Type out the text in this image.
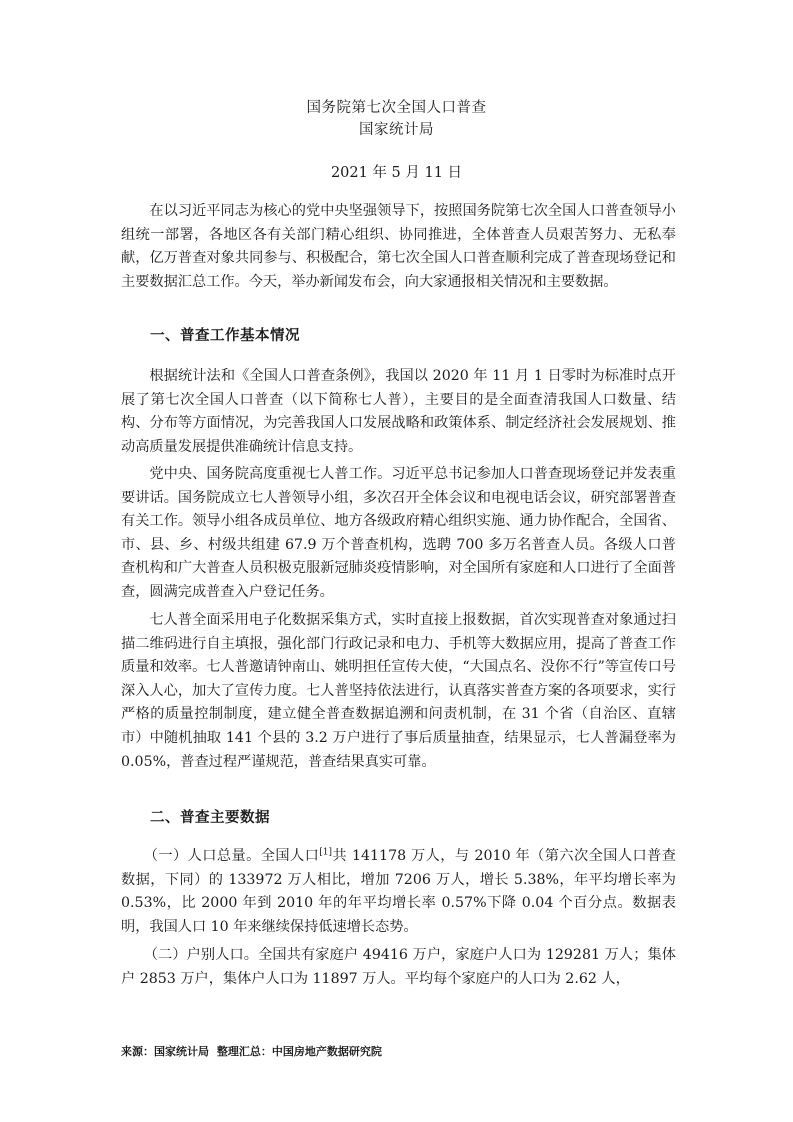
国务院第七次全国人口普查
国家统计局
2021 年 5 月 11 日

在以习近平同志为核心的党中央坚强领导下，按照国务院第七次全国人口普查领导小组统一部署，各地区各有关部门精心组织、协同推进，全体普查人员艰苦努力、无私奉献，亿万普查对象共同参与、积极配合，第七次全国人口普查顺利完成了普查现场登记和主要数据汇总工作。今天，举办新闻发布会，向大家通报相关情况和主要数据。

一、普查工作基本情况

根据统计法和《全国人口普查条例》，我国以 2020 年 11 月 1 日零时为标准时点开展了第七次全国人口普查（以下简称七人普），主要目的是全面查清我国人口数量、结构、分布等方面情况，为完善我国人口发展战略和政策体系、制定经济社会发展规划、推动高质量发展提供准确统计信息支持。

党中央、国务院高度重视七人普工作。习近平总书记参加人口普查现场登记并发表重要讲话。国务院成立七人普领导小组，多次召开全体会议和电视电话会议，研究部署普查有关工作。领导小组各成员单位、地方各级政府精心组织实施、通力协作配合，全国省、市、县、乡、村级共组建 67.9 万个普查机构，选聘 700 多万名普查人员。各级人口普查机构和广大普查人员积极克服新冠肺炎疫情影响，对全国所有家庭和人口进行了全面普查，圆满完成普查入户登记任务。

七人普全面采用电子化数据采集方式，实时直接上报数据，首次实现普查对象通过扫描二维码进行自主填报，强化部门行政记录和电力、手机等大数据应用，提高了普查工作质量和效率。七人普邀请钟南山、姚明担任宣传大使，“大国点名、没你不行”等宣传口号深入人心，加大了宣传力度。七人普坚持依法进行，认真落实普查方案的各项要求，实行严格的质量控制制度，建立健全普查数据追溯和问责机制，在 31 个省（自治区、直辖市）中随机抽取 141 个县的 3.2 万户进行了事后质量抽查，结果显示，七人普漏登率为 0.05%，普查过程严谨规范，普查结果真实可靠。

二、普查主要数据

（一）人口总量。全国人口[1]共 141178 万人，与 2010 年（第六次全国人口普查数据，下同）的 133972 万人相比，增加 7206 万人，增长 5.38%，年平均增长率为 0.53%，比 2000 年到 2010 年的年平均增长率 0.57%下降 0.04 个百分点。数据表明，我国人口 10 年来继续保持低速增长态势。

（二）户别人口。全国共有家庭户 49416 万户，家庭户人口为 129281 万人；集体户 2853 万户，集体户人口为 11897 万人。平均每个家庭户的人口为 2.62 人，

来源：国家统计局 整理汇总：中国房地产数据研究院
